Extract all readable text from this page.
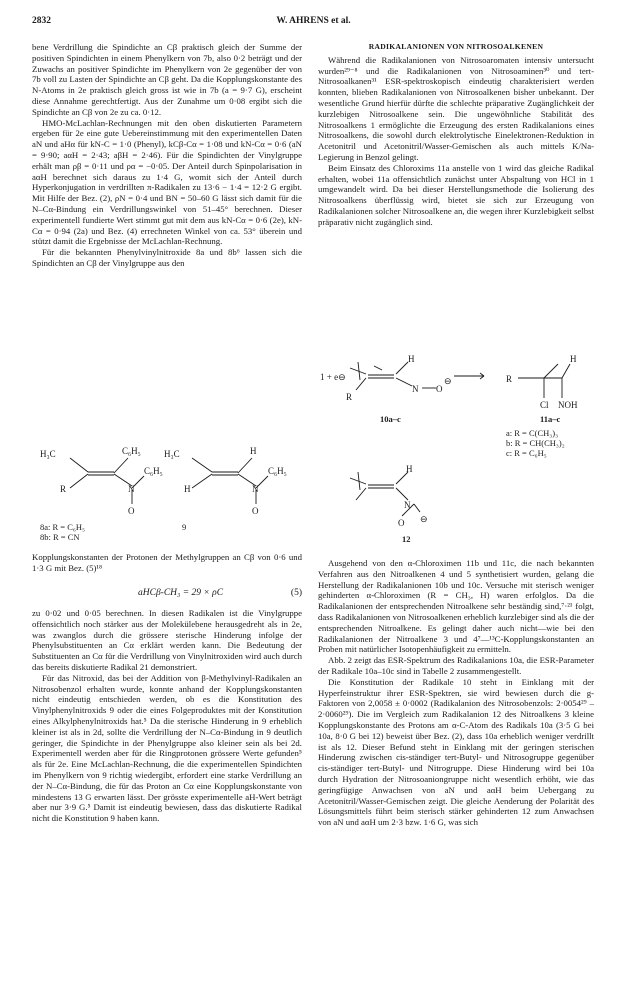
2832	W. AHRENS et al.

bene Verdrillung die Spindichte an Cβ praktisch gleich der Summe der positiven Spindichten in einem Phenylkern von 7b, also 0·2 beträgt und der Zuwachs an positiver Spindichte im Phenylkern von 2e gegenüber der von 7b voll zu Lasten der Spindichte an Cβ geht. Da die Kopplungskonstante des N-Atoms in 2e praktisch gleich gross ist wie in 7b (a = 9·7 G), erscheint diese Annahme gerechtfertigt. Aus der Zunahme um 0·08 ergibt sich die Spindichte an Cβ von 2e zu ca. 0·12.

HMO-McLachlan-Rechnungen mit den oben diskutierten Parametern ergeben für 2e eine gute Uebereinstimmung mit den experimentellen Daten aN und aHα für kN-C = 1·0 (Phenyl), kCβ-Cα = 1·08 und kN-Cα = 0·6 (aN = 9·90; aαH = 2·43; aβH = 2·46). Für die Spindichten der Vinylgruppe erhält man ρβ = 0·11 und ρα = −0·05. Der Anteil durch Spinpolarisation in aαH berechnet sich daraus zu 1·4 G, womit sich der Anteil durch Hyperkonjugation in verdrillten π-Radikalen zu 13·6 − 1·4 = 12·2 G ergibt. Mit Hilfe der Bez. (2), ρN = 0·4 und BN = 50–60 G lässt sich damit für die N–Cα-Bindung ein Verdrillungswinkel von 51–45° berechnen. Dieser experimentell fundierte Wert stimmt gut mit dem aus kN-Cα = 0·6 (2e), kN-Cα = 0·94 (2a) und Bez. (4) errechneten Winkel von ca. 53° überein und stützt damit die Ergebnisse der McLachlan-Rechnung.

Für die bekannten Phenylvinylnitroxide 8a und 8b⁶ lassen sich die Spindichten an Cβ der Vinylgruppe aus den

H₃C	C₆H₅
C₆H₅
R	N
O
H₃C	H
H
C₆H₅
N
O
8a: R = C₆H₅
8b: R = CN
9

Kopplungskonstanten der Protonen der Methylgruppen an Cβ von 0·6 und 1·3 G mit Bez. (5)¹⁸

aHCβ-CH₃ = 29 × ρC	(5)

zu 0·02 und 0·05 berechnen. In diesen Radikalen ist die Vinylgruppe offensichtlich noch stärker aus der Molekülebene herausgedreht als in 2e, was zwanglos durch die grössere sterische Hinderung infolge der Phenylsubstituenten an Cα erklärt werden kann. Die Bedeutung der Substituenten an Cα für die Verdrillung von Vinylnitroxiden wird auch durch das bereits diskutierte Radikal 21 demonstriert.

Für das Nitroxid, das bei der Addition von β-Methylvinyl-Radikalen an Nitrosobenzol erhalten wurde, konnte anhand der Kopplungskonstanten nicht eindeutig entschieden werden, ob es die Konstitution des Vinylphenylnitroxids 9 oder die eines Folgeproduktes mit der Konstitution eines Alkylphenylnitroxids hat.⁵ Da die sterische Hinderung in 9 erheblich kleiner ist als in 2d, sollte die Verdrillung der N–Cα-Bindung in 9 deutlich geringer, die Spindichte in der Phenylgruppe also kleiner sein als bei 2d. Experimentell werden aber für die Ringprotonen grössere Werte gefunden⁵ als für 2e. Eine McLachlan-Rechnung, die die experimentellen Spindichten im Phenylkern von 9 richtig wiedergibt, erfordert eine starke Verdrillung an der N–Cα-Bindung, die für das Proton an Cα eine Kopplungskonstante von mindestens 13 G erwarten lässt. Der grösste experimentelle aH-Wert beträgt aber nur 3·9 G.⁵ Damit ist eindeutig bewiesen, dass das diskutierte Radikal nicht die Konstitution 9 haben kann.

RADIKALANIONEN VON NITROSOALKENEN

Während die Radikalanionen von Nitrosoaromaten intensiv untersucht wurden²⁹⁻⁸ und die Radikalanionen von Nitrosoaminen³⁰ und tert-Nitrosoalkanen³¹ ESR-spektroskopisch eindeutig charakterisiert werden konnten, blieben Radikalanionen von Nitrosoalkenen bisher unbekannt. Der wesentliche Grund hierfür dürfte die schlechte präparative Zugänglichkeit der kurzlebigen Nitrosoalkene sein. Die ungewöhnliche Stabilität des Nitrosoalkens 1 ermöglichte die Erzeugung des ersten Radikalanions eines Nitrosoalkens, die sowohl durch elektrolytische Einelektronen-Reduktion in Acetonitril und Acetonitril/Wasser-Gemischen als auch mittels K/Na-Legierung in Benzol gelingt.

Beim Einsatz des Chloroxims 11a anstelle von 1 wird das gleiche Radikal erhalten, wobei 11a offensichtlich zunächst unter Abspaltung von HCl in 1 umgewandelt wird. Da bei dieser Herstellungsmethode die Isolierung des Nitrosoalkens überflüssig wird, bietet sie sich zur Erzeugung von Radikalanionen solcher Nitrosoalkene an, die wegen ihrer Kurzlebigkeit selbst präparativ nicht zugänglich sind.

1 + e⊖
H
R
N O
⊖	R
H
Cl NOH
H
N
O ⊖
10a–c	11a–c
a: R = C(CH₃)₃
b: R = CH(CH₃)₂
c: R = C₆H₅
12

Ausgehend von den α-Chloroximen 11b und 11c, die nach bekannten Verfahren aus den Nitroalkenen 4 und 5 synthetisiert wurden, gelang die Herstellung der Radikalanionen 10b und 10c. Versuche mit sterisch weniger gehinderten α-Chloroximen (R = CH₃, H) waren erfolglos. Da die Radikalanionen der entsprechenden Nitroalkene sehr beständig sind,⁷·²¹ folgt, dass Radikalanionen von Nitrosoalkenen erheblich kurzlebiger sind als die der entsprechenden Nitroalkene. Es gelingt daher auch nicht—wie bei den Radikalanionen der Nitroalkene 3 und 4⁷—¹³C-Kopplungskonstanten an Proben mit natürlicher Isotopenhäufigkeit zu ermitteln.

Abb. 2 zeigt das ESR-Spektrum des Radikalanions 10a, die ESR-Parameter der Radikale 10a–10c sind in Tabelle 2 zusammengestellt.

Die Konstitution der Radikale 10 steht in Einklang mit der Hyperfeinstruktur ihrer ESR-Spektren, sie wird bewiesen durch die g-Faktoren von 2,0058 ± 0·0002 (Radikalanion des Nitrosobenzols: 2·0054²⁹ – 2·0060²⁹). Die im Vergleich zum Radikalanion 12 des Nitroalkens 3 kleine Kopplungskonstante des Protons am α-C-Atom des Radikals 10a (3·5 G bei 10a, 8·0 G bei 12) beweist über Bez. (2), dass 10a erheblich weniger verdrillt ist als 12. Dieser Befund steht in Einklang mit der geringen sterischen Hinderung zwischen cis-ständiger tert-Butyl- und Nitrosogruppe gegenüber cis-ständiger tert-Butyl- und Nitrogruppe. Diese Hinderung wird bei 10a durch Hydration der Nitrosoaniongruppe nicht wesentlich erhöht, wie das geringfügige Anwachsen von aN und aαH beim Uebergang zu Acetonitril/Wasser-Gemischen zeigt. Die gleiche Aenderung der Polarität des Lösungsmittels führt beim sterisch stärker gehinderten 12 zum Anwachsen von aN und aαH um 2·3 bzw. 1·6 G, was sich
